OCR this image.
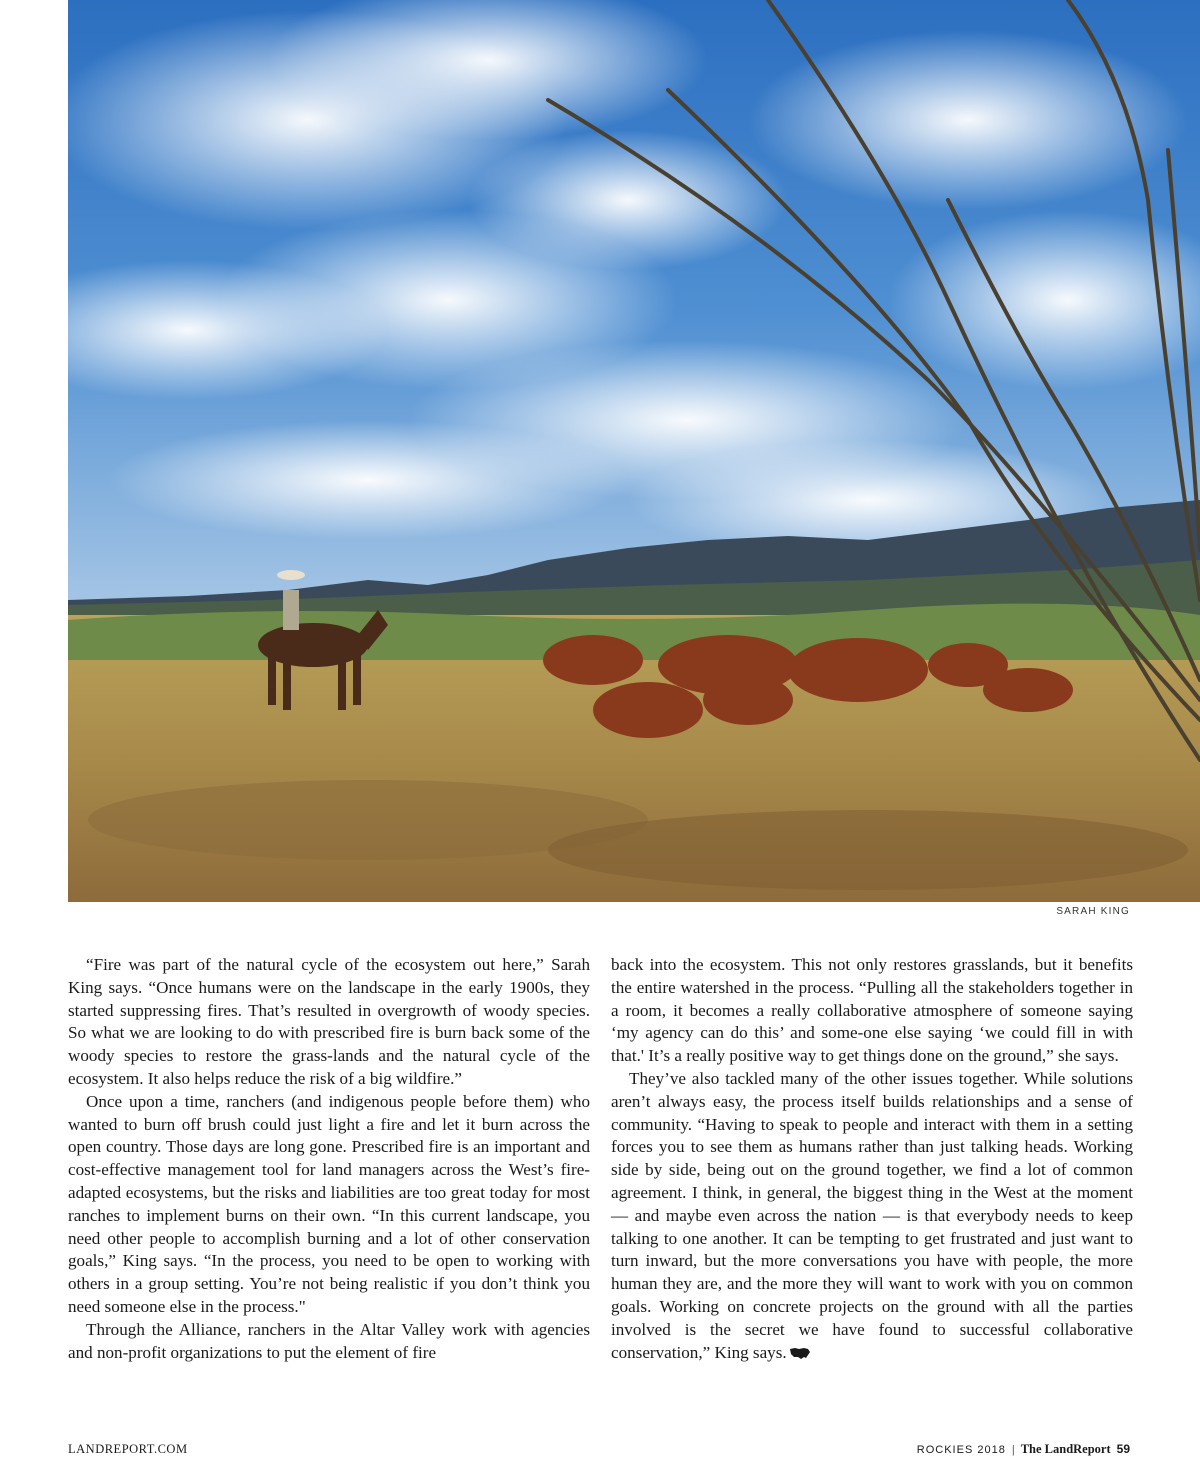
SARAH KING

“Fire was part of the natural cycle of the ecosystem out here,” Sarah King says. “Once humans were on the landscape in the early 1900s, they started suppressing fires. That’s resulted in overgrowth of woody species. So what we are looking to do with prescribed fire is burn back some of the woody species to restore the grass-lands and the natural cycle of the ecosystem. It also helps reduce the risk of a big wildfire.”

Once upon a time, ranchers (and indigenous people before them) who wanted to burn off brush could just light a fire and let it burn across the open country. Those days are long gone. Prescribed fire is an important and cost-effective management tool for land managers across the West’s fire-adapted ecosystems, but the risks and liabilities are too great today for most ranches to implement burns on their own. “In this current landscape, you need other people to accomplish burning and a lot of other conservation goals,” King says. “In the process, you need to be open to working with others in a group setting. You’re not being realistic if you don’t think you need someone else in the process."

Through the Alliance, ranchers in the Altar Valley work with agencies and non-profit organizations to put the element of fire

back into the ecosystem. This not only restores grasslands, but it benefits the entire watershed in the process. “Pulling all the stakeholders together in a room, it becomes a really collaborative atmosphere of someone saying ‘my agency can do this’ and some-one else saying ‘we could fill in with that.' It’s a really positive way to get things done on the ground,” she says.

They’ve also tackled many of the other issues together. While solutions aren’t always easy, the process itself builds relationships and a sense of community. “Having to speak to people and interact with them in a setting forces you to see them as humans rather than just talking heads. Working side by side, being out on the ground together, we find a lot of common agreement. I think, in general, the biggest thing in the West at the moment — and maybe even across the nation — is that everybody needs to keep talking to one another. It can be tempting to get frustrated and just want to turn inward, but the more conversations you have with people, the more human they are, and the more they will want to work with you on common goals. Working on concrete projects on the ground with all the parties involved is the secret we have found to successful collaborative conservation,” King says.

LANDREPORT.COM	ROCKIES 2018 | The LandReport 59
